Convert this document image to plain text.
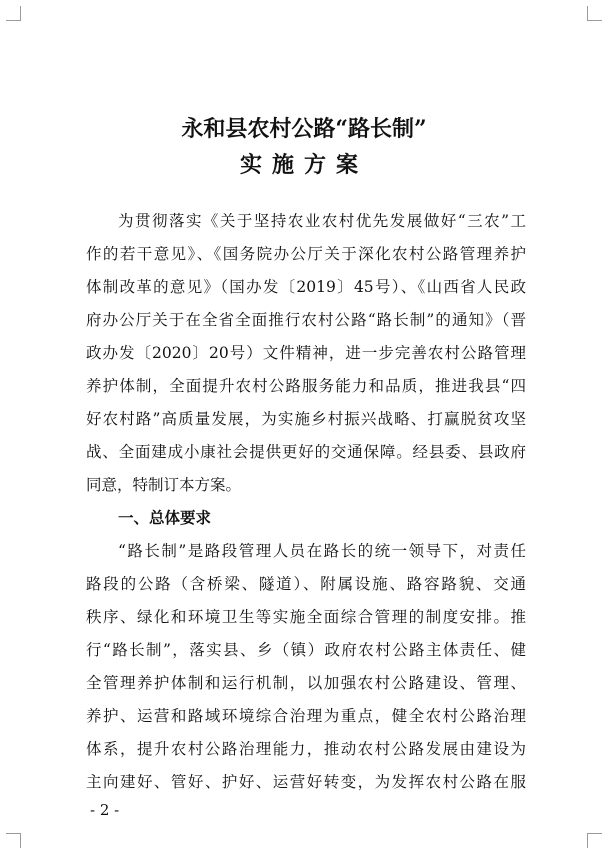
永和县农村公路“路长制”
实施方案
为贯彻落实《关于坚持农业农村优先发展做好“三农”工
作的若干意见》、《国务院办公厅关于深化农村公路管理养护
体制改革的意见》（国办发〔2019〕45号）、《山西省人民政
府办公厅关于在全省全面推行农村公路“路长制”的通知》（晋
政办发〔2020〕20号）文件精神，进一步完善农村公路管理
养护体制，全面提升农村公路服务能力和品质，推进我县“四
好农村路”高质量发展，为实施乡村振兴战略、打赢脱贫攻坚
战、全面建成小康社会提供更好的交通保障。经县委、县政府
同意，特制订本方案。
一、总体要求
“路长制”是路段管理人员在路长的统一领导下，对责任
路段的公路（含桥梁、隧道）、附属设施、路容路貌、交通
秩序、绿化和环境卫生等实施全面综合管理的制度安排。推
行“路长制”，落实县、乡（镇）政府农村公路主体责任、健
全管理养护体制和运行机制，以加强农村公路建设、管理、
养护、运营和路域环境综合治理为重点，健全农村公路治理
体系，提升农村公路治理能力，推动农村公路发展由建设为
主向建好、管好、护好、运营好转变，为发挥农村公路在服
- 2 -
